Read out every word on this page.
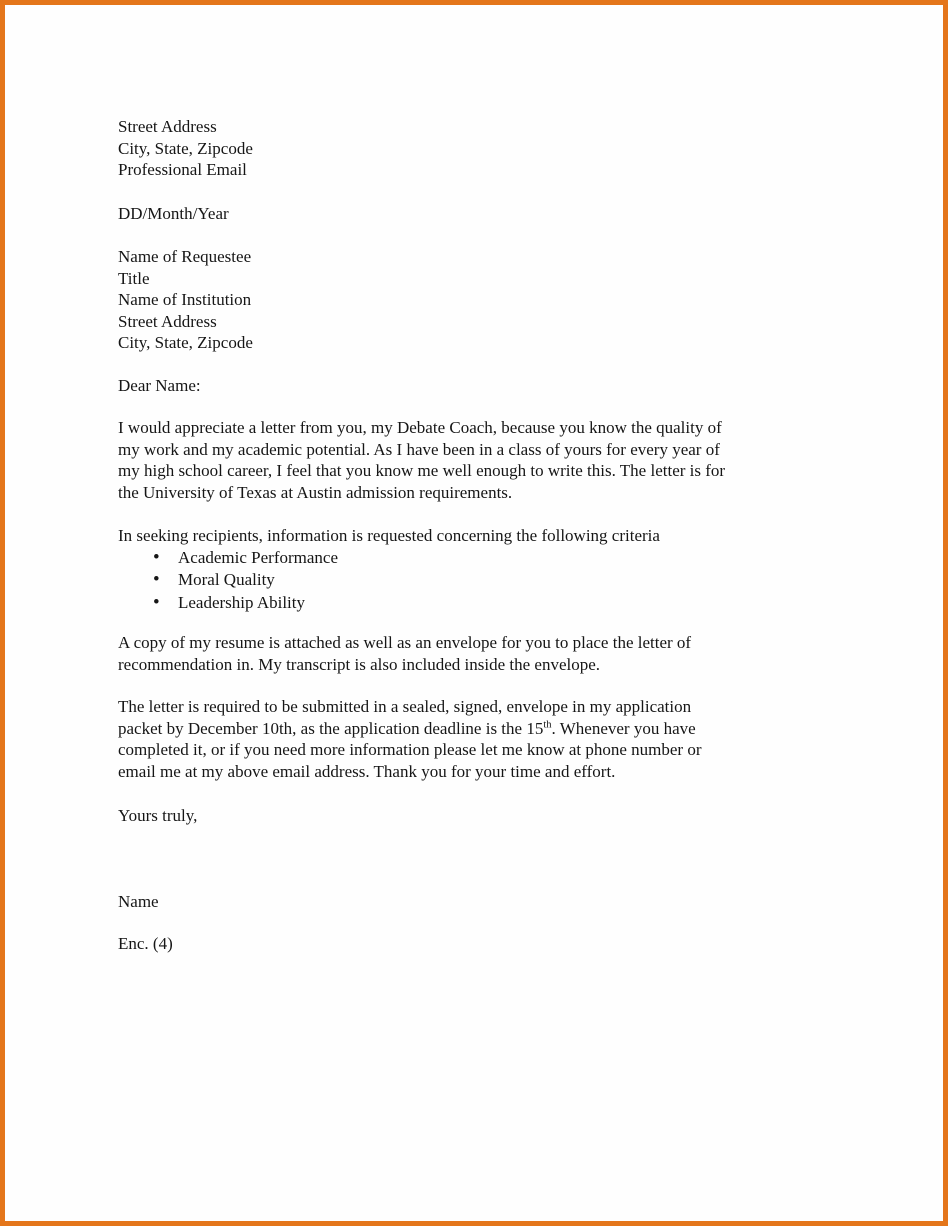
Street Address
City, State, Zipcode
Professional Email
DD/Month/Year
Name of Requestee
Title
Name of Institution
Street Address
City, State, Zipcode

Dear Name:

I would appreciate a letter from you, my Debate Coach, because you know the quality of my work and my academic potential. As I have been in a class of yours for every year of my high school career, I feel that you know me well enough to write this. The letter is for the University of Texas at Austin admission requirements.

In seeking recipients, information is requested concerning the following criteria

• Academic Performance
• Moral Quality
• Leadership Ability

A copy of my resume is attached as well as an envelope for you to place the letter of recommendation in. My transcript is also included inside the envelope.

The letter is required to be submitted in a sealed, signed, envelope in my application packet by December 10th, as the application deadline is the 15th. Whenever you have completed it, or if you need more information please let me know at phone number or email me at my above email address. Thank you for your time and effort.

Yours truly,

Name

Enc. (4)
